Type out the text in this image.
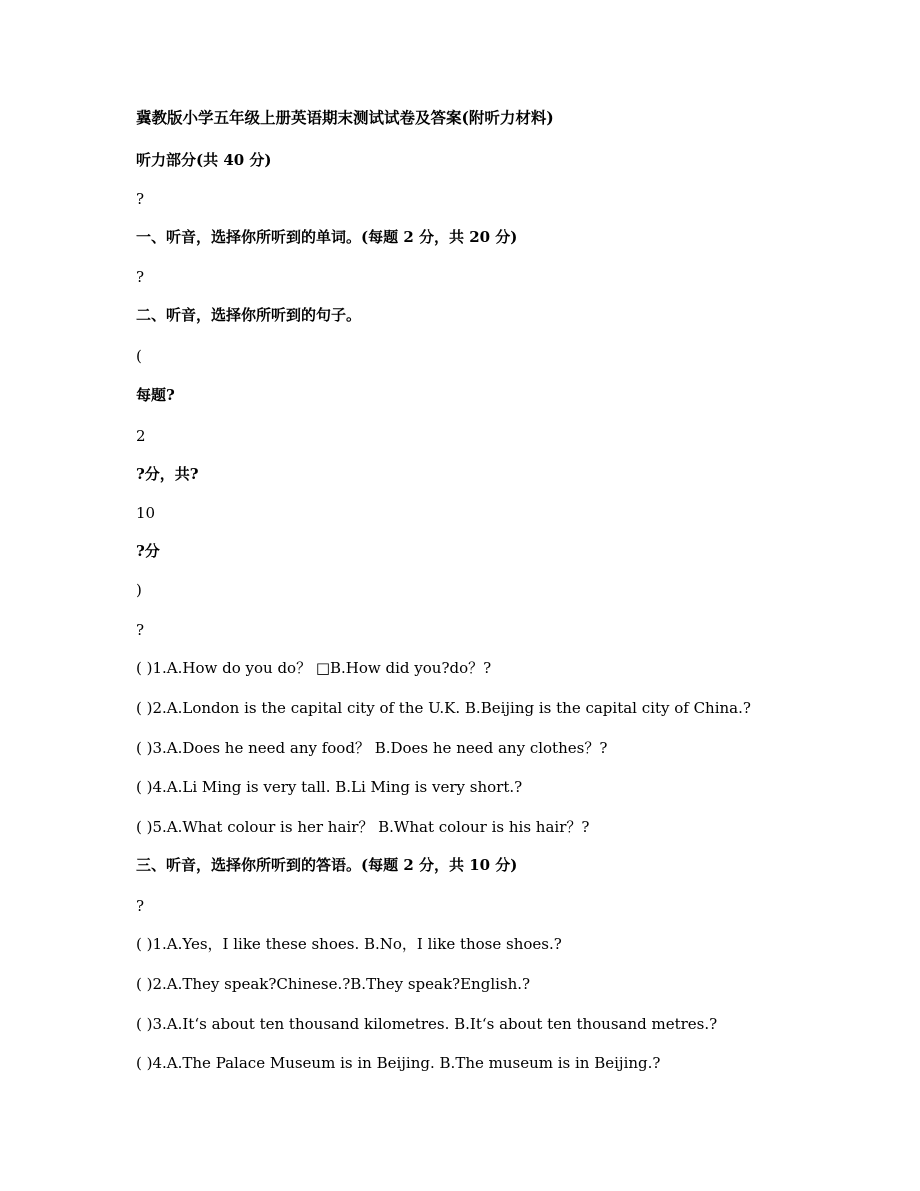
冀教版小学五年级上册英语期末测试试卷及答案(附听力材料)
听力部分(共 40 分)
?
一、听音，选择你所听到的单词。(每题 2 分，共 20 分)
?
二、听音，选择你所听到的句子。
(
每题?
2
?分，共?
10
?分
)
?
( )1.A.How do you do？ □B.How did you?do？?
( )2.A.London is the capital city of the U.K. B.Beijing is the capital city of China.?
( )3.A.Does he need any food？ B.Does he need any clothes？?
( )4.A.Li Ming is very tall. B.Li Ming is very short.?
( )5.A.What colour is her hair？ B.What colour is his hair？?
三、听音，选择你所听到的答语。(每题 2 分，共 10 分)
?
( )1.A.Yes，I like these shoes. B.No，I like those shoes.?
( )2.A.They speak?Chinese.?B.They speak?English.?
( )3.A.It‘s about ten thousand kilometres. B.It‘s about ten thousand metres.?
( )4.A.The Palace Museum is in Beijing. B.The museum is in Beijing.?
